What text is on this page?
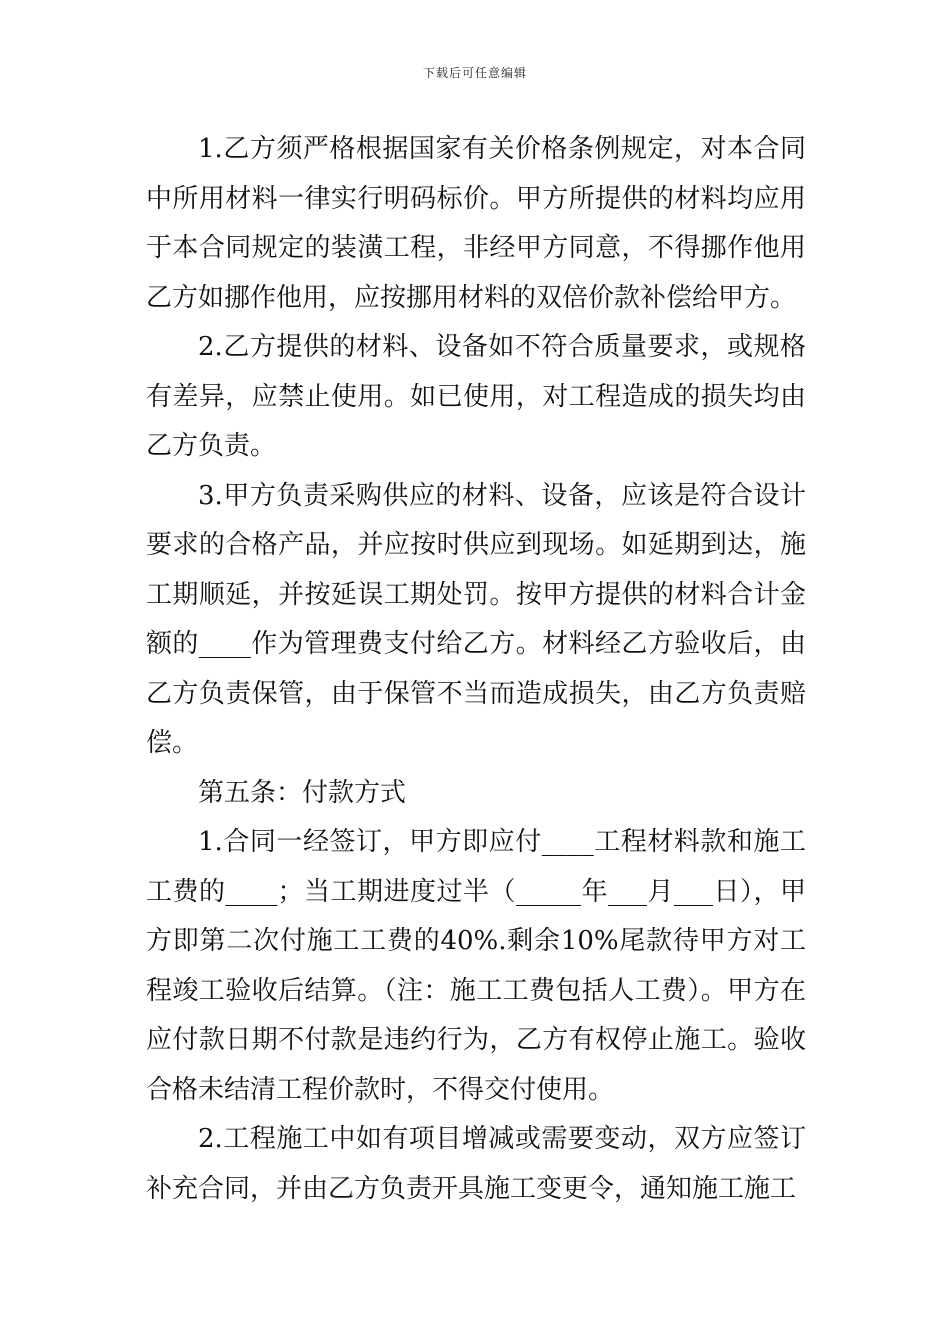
下载后可任意编辑

1.乙方须严格根据国家有关价格条例规定，对本合同中所用材料一律实行明码标价。甲方所提供的材料均应用于本合同规定的装潢工程，非经甲方同意，不得挪作他用乙方如挪作他用，应按挪用材料的双倍价款补偿给甲方。

2.乙方提供的材料、设备如不符合质量要求，或规格有差异，应禁止使用。如已使用，对工程造成的损失均由乙方负责。

3.甲方负责采购供应的材料、设备，应该是符合设计要求的合格产品，并应按时供应到现场。如延期到达，施工期顺延，并按延误工期处罚。按甲方提供的材料合计金额的____作为管理费支付给乙方。材料经乙方验收后，由乙方负责保管，由于保管不当而造成损失，由乙方负责赔偿。

第五条：付款方式

1.合同一经签订，甲方即应付____工程材料款和施工工费的____；当工期进度过半（_____年___月___日），甲方即第二次付施工工费的40%.剩余10%尾款待甲方对工程竣工验收后结算。（注：施工工费包括人工费）。甲方在应付款日期不付款是违约行为，乙方有权停止施工。验收合格未结清工程价款时，不得交付使用。

2.工程施工中如有项目增减或需要变动，双方应签订补充合同，并由乙方负责开具施工变更令，通知施工施工
